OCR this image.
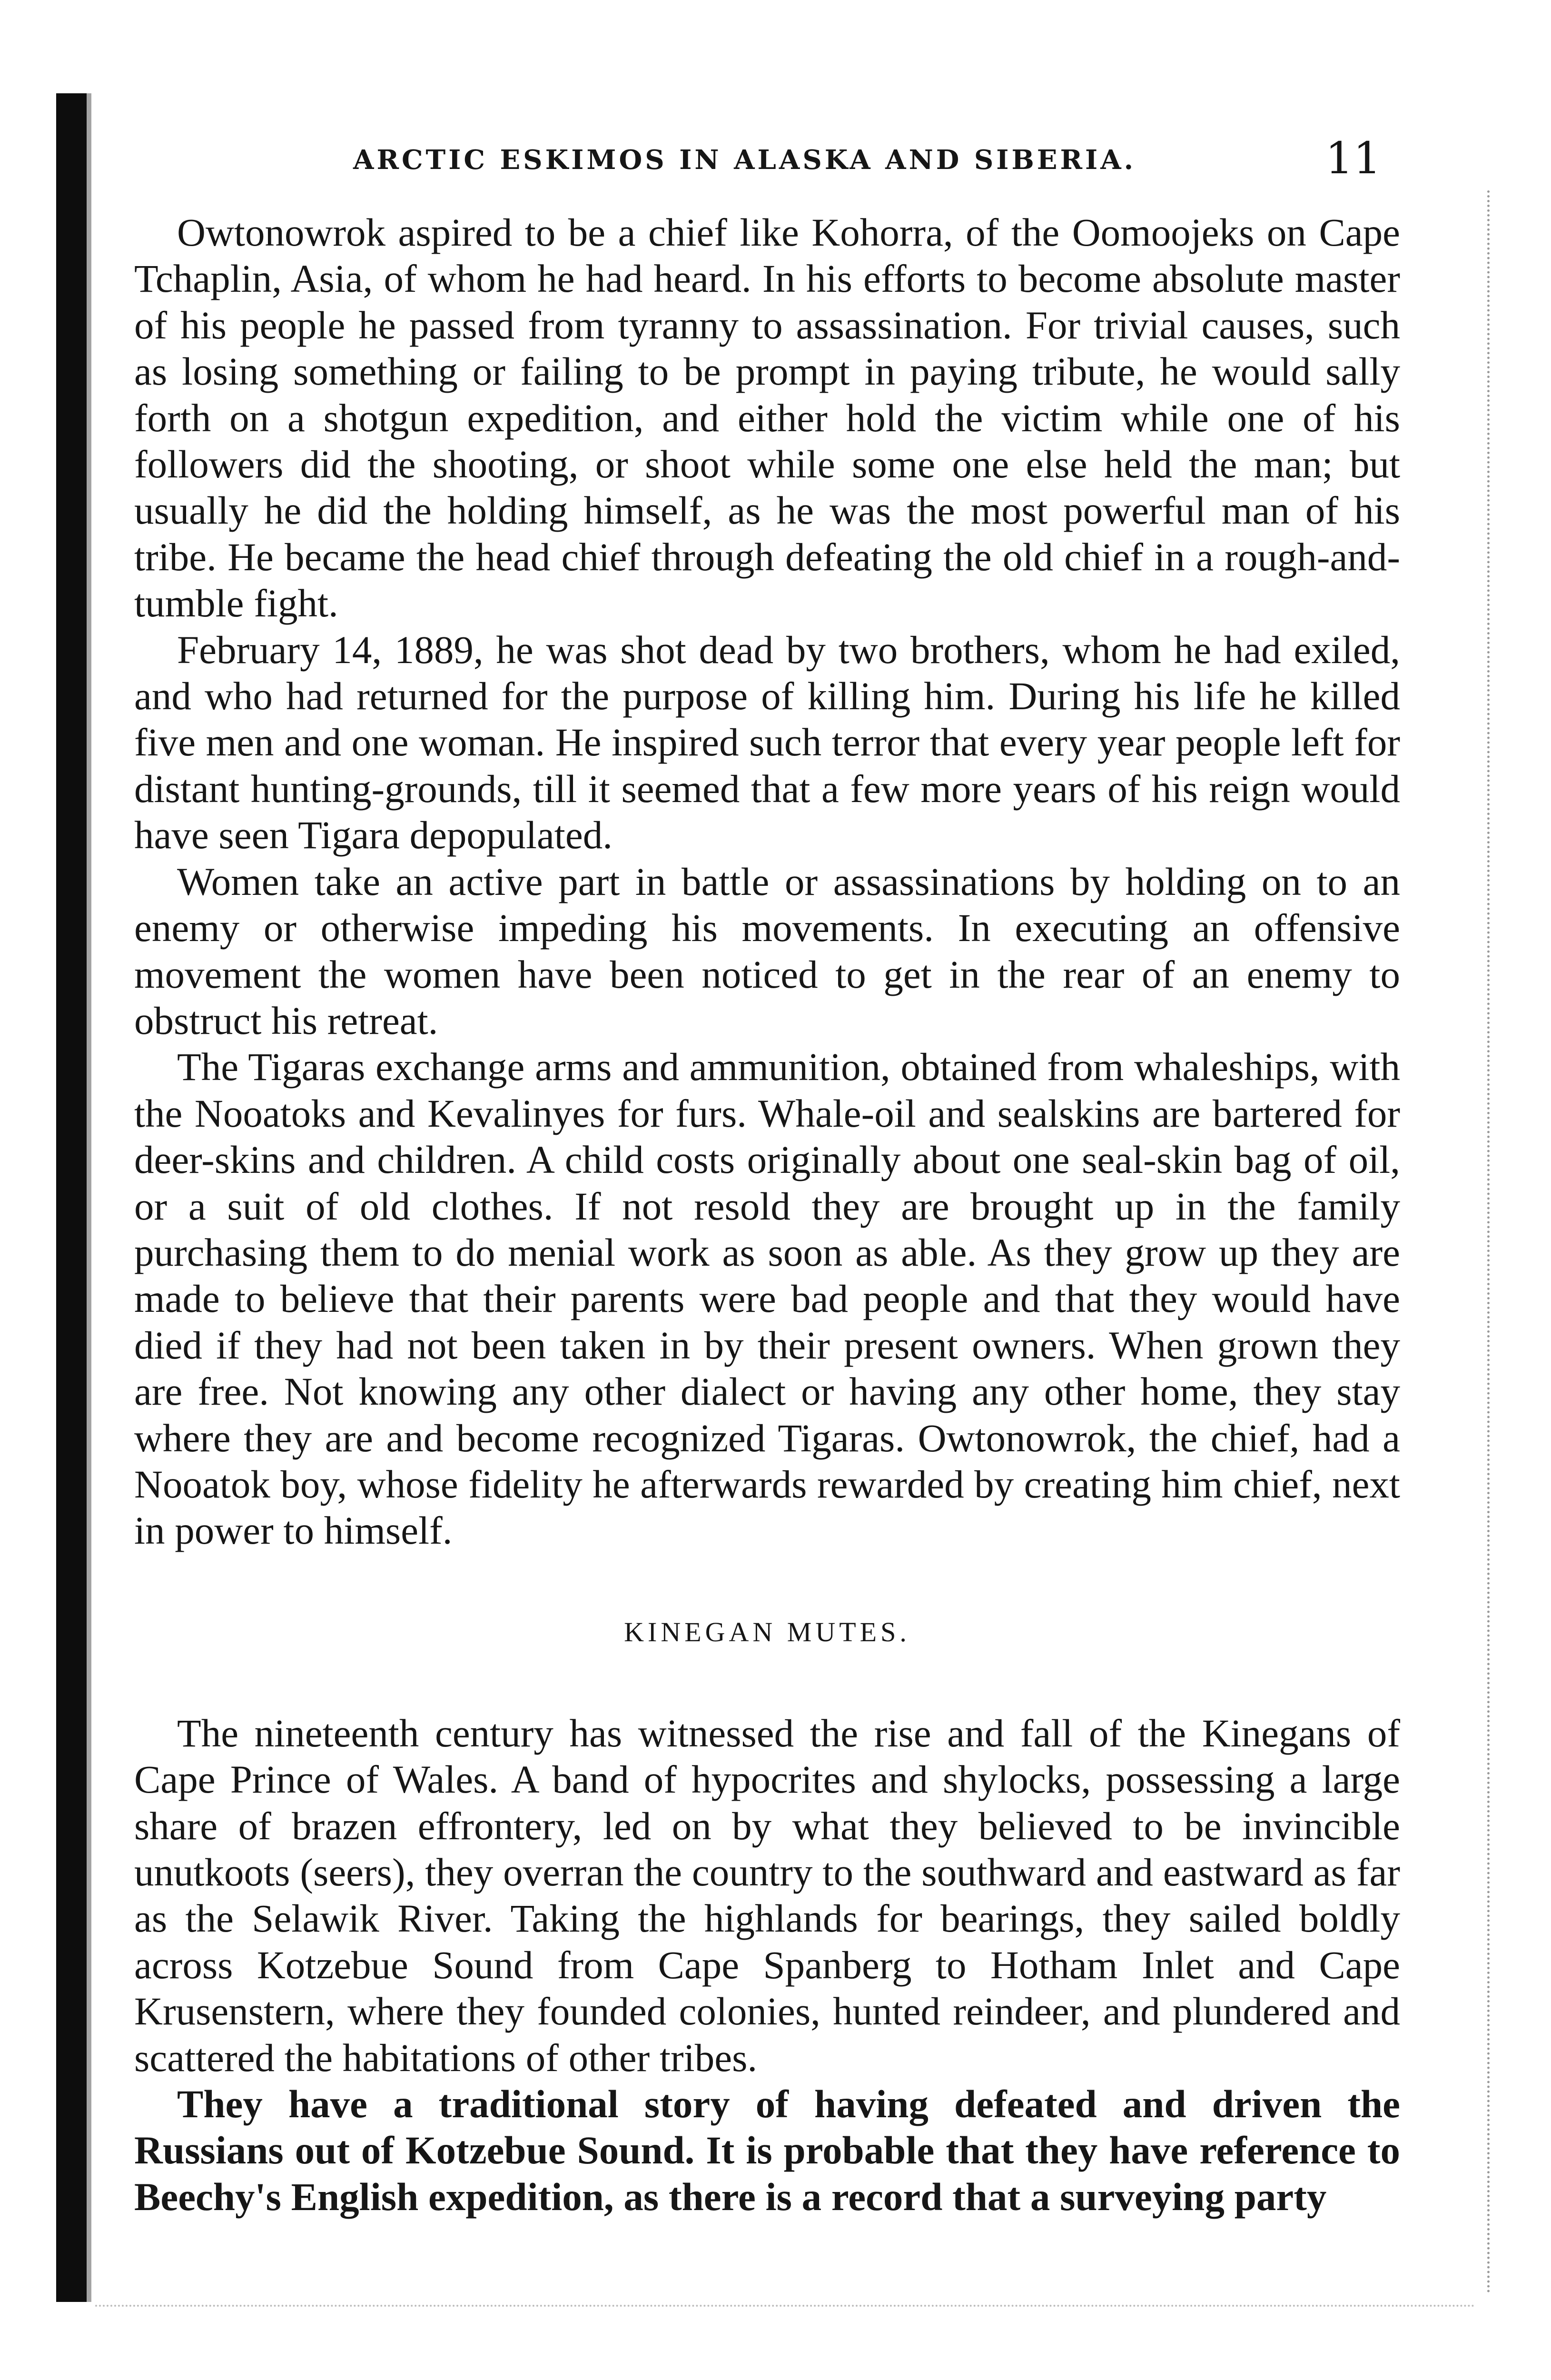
ARCTIC ESKIMOS IN ALASKA AND SIBERIA.	11

Owtonowrok aspired to be a chief like Kohorra, of the Oomoojeks on Cape Tchaplin, Asia, of whom he had heard. In his efforts to become absolute master of his people he passed from tyranny to assassination. For trivial causes, such as losing something or failing to be prompt in paying tribute, he would sally forth on a shotgun expedition, and either hold the victim while one of his followers did the shooting, or shoot while some one else held the man; but usually he did the holding himself, as he was the most powerful man of his tribe. He became the head chief through defeating the old chief in a rough-and-tumble fight.

February 14, 1889, he was shot dead by two brothers, whom he had exiled, and who had returned for the purpose of killing him. During his life he killed five men and one woman. He inspired such terror that every year people left for distant hunting-grounds, till it seemed that a few more years of his reign would have seen Tigara depopulated.

Women take an active part in battle or assassinations by holding on to an enemy or otherwise impeding his movements. In executing an offensive movement the women have been noticed to get in the rear of an enemy to obstruct his retreat.

The Tigaras exchange arms and ammunition, obtained from whaleships, with the Nooatoks and Kevalinyes for furs. Whale-oil and sealskins are bartered for deer-skins and children. A child costs originally about one seal-skin bag of oil, or a suit of old clothes. If not resold they are brought up in the family purchasing them to do menial work as soon as able. As they grow up they are made to believe that their parents were bad people and that they would have died if they had not been taken in by their present owners. When grown they are free. Not knowing any other dialect or having any other home, they stay where they are and become recognized Tigaras. Owtonowrok, the chief, had a Nooatok boy, whose fidelity he afterwards rewarded by creating him chief, next in power to himself.

KINEGAN MUTES.

The nineteenth century has witnessed the rise and fall of the Kinegans of Cape Prince of Wales. A band of hypocrites and shylocks, possessing a large share of brazen effrontery, led on by what they believed to be invincible unutkoots (seers), they overran the country to the southward and eastward as far as the Selawik River. Taking the highlands for bearings, they sailed boldly across Kotzebue Sound from Cape Spanberg to Hotham Inlet and Cape Krusenstern, where they founded colonies, hunted reindeer, and plundered and scattered the habitations of other tribes.

They have a traditional story of having defeated and driven the Russians out of Kotzebue Sound. It is probable that they have reference to Beechy's English expedition, as there is a record that a surveying party
